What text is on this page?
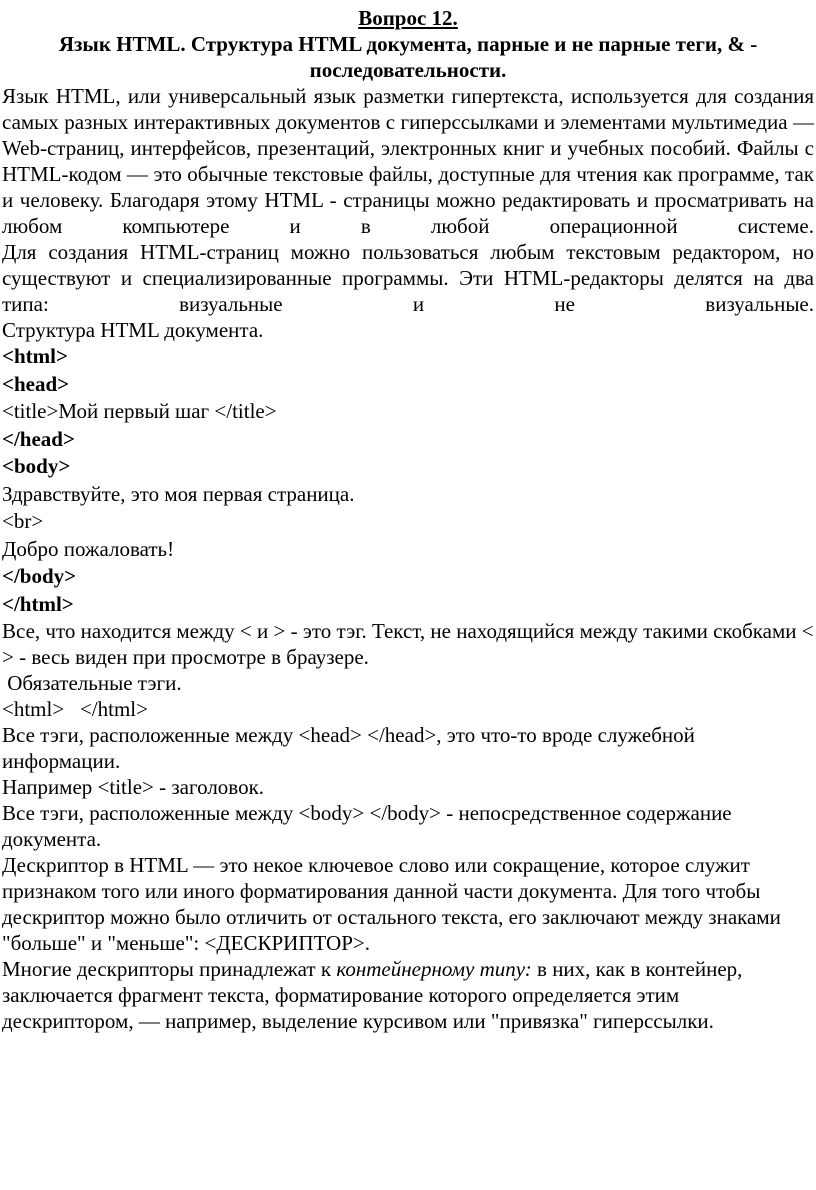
Вопрос 12.

Язык HTML. Структура HTML документа, парные и не парные теги, & - последовательности.

Язык HTML, или универсальный язык разметки гипертекста, используется для создания самых разных интерактивных документов с гиперссылками и элементами мультимедиа — Web-страниц, интерфейсов, презентаций, электронных книг и учебных пособий. Файлы с HTML-кодом — это обычные текстовые файлы, доступные для чтения как программе, так и человеку. Благодаря этому HTML - страницы можно редактировать и просматривать на любом компьютере и в любой операционной системе.

Для создания HTML-страниц можно пользоваться любым текстовым редактором, но существуют и специализированные программы. Эти HTML-редакторы делятся на два типа: визуальные и не визуальные.

Структура HTML документа.

<html>

<head>

<title>Мой первый шаг </title>

</head>

<body>

Здравствуйте, это моя первая страница.

<br>

Добро пожаловать!

</body>

</html>

Все, что находится между < и > - это тэг. Текст, не находящийся между такими скобками < > - весь виден при просмотре в браузере.

Обязательные тэги.

<html>   </html>

Все тэги, расположенные между <head> </head>, это что-то вроде служебной информации.

Например <title> - заголовок.

Все тэги, расположенные между <body> </body> - непосредственное содержание документа.

Дескриптор в HTML — это некое ключевое слово или сокращение, которое служит признаком того или иного форматирования данной части документа. Для того чтобы дескриптор можно было отличить от остального текста, его заключают между знаками "больше" и "меньше": <ДЕСКРИПТОР>.

Многие дескрипторы принадлежат к контейнерному типу: в них, как в контейнер, заключается фрагмент текста, форматирование которого определяется этим

дескриптором, — например, выделение курсивом или "привязка" гиперссылки.
